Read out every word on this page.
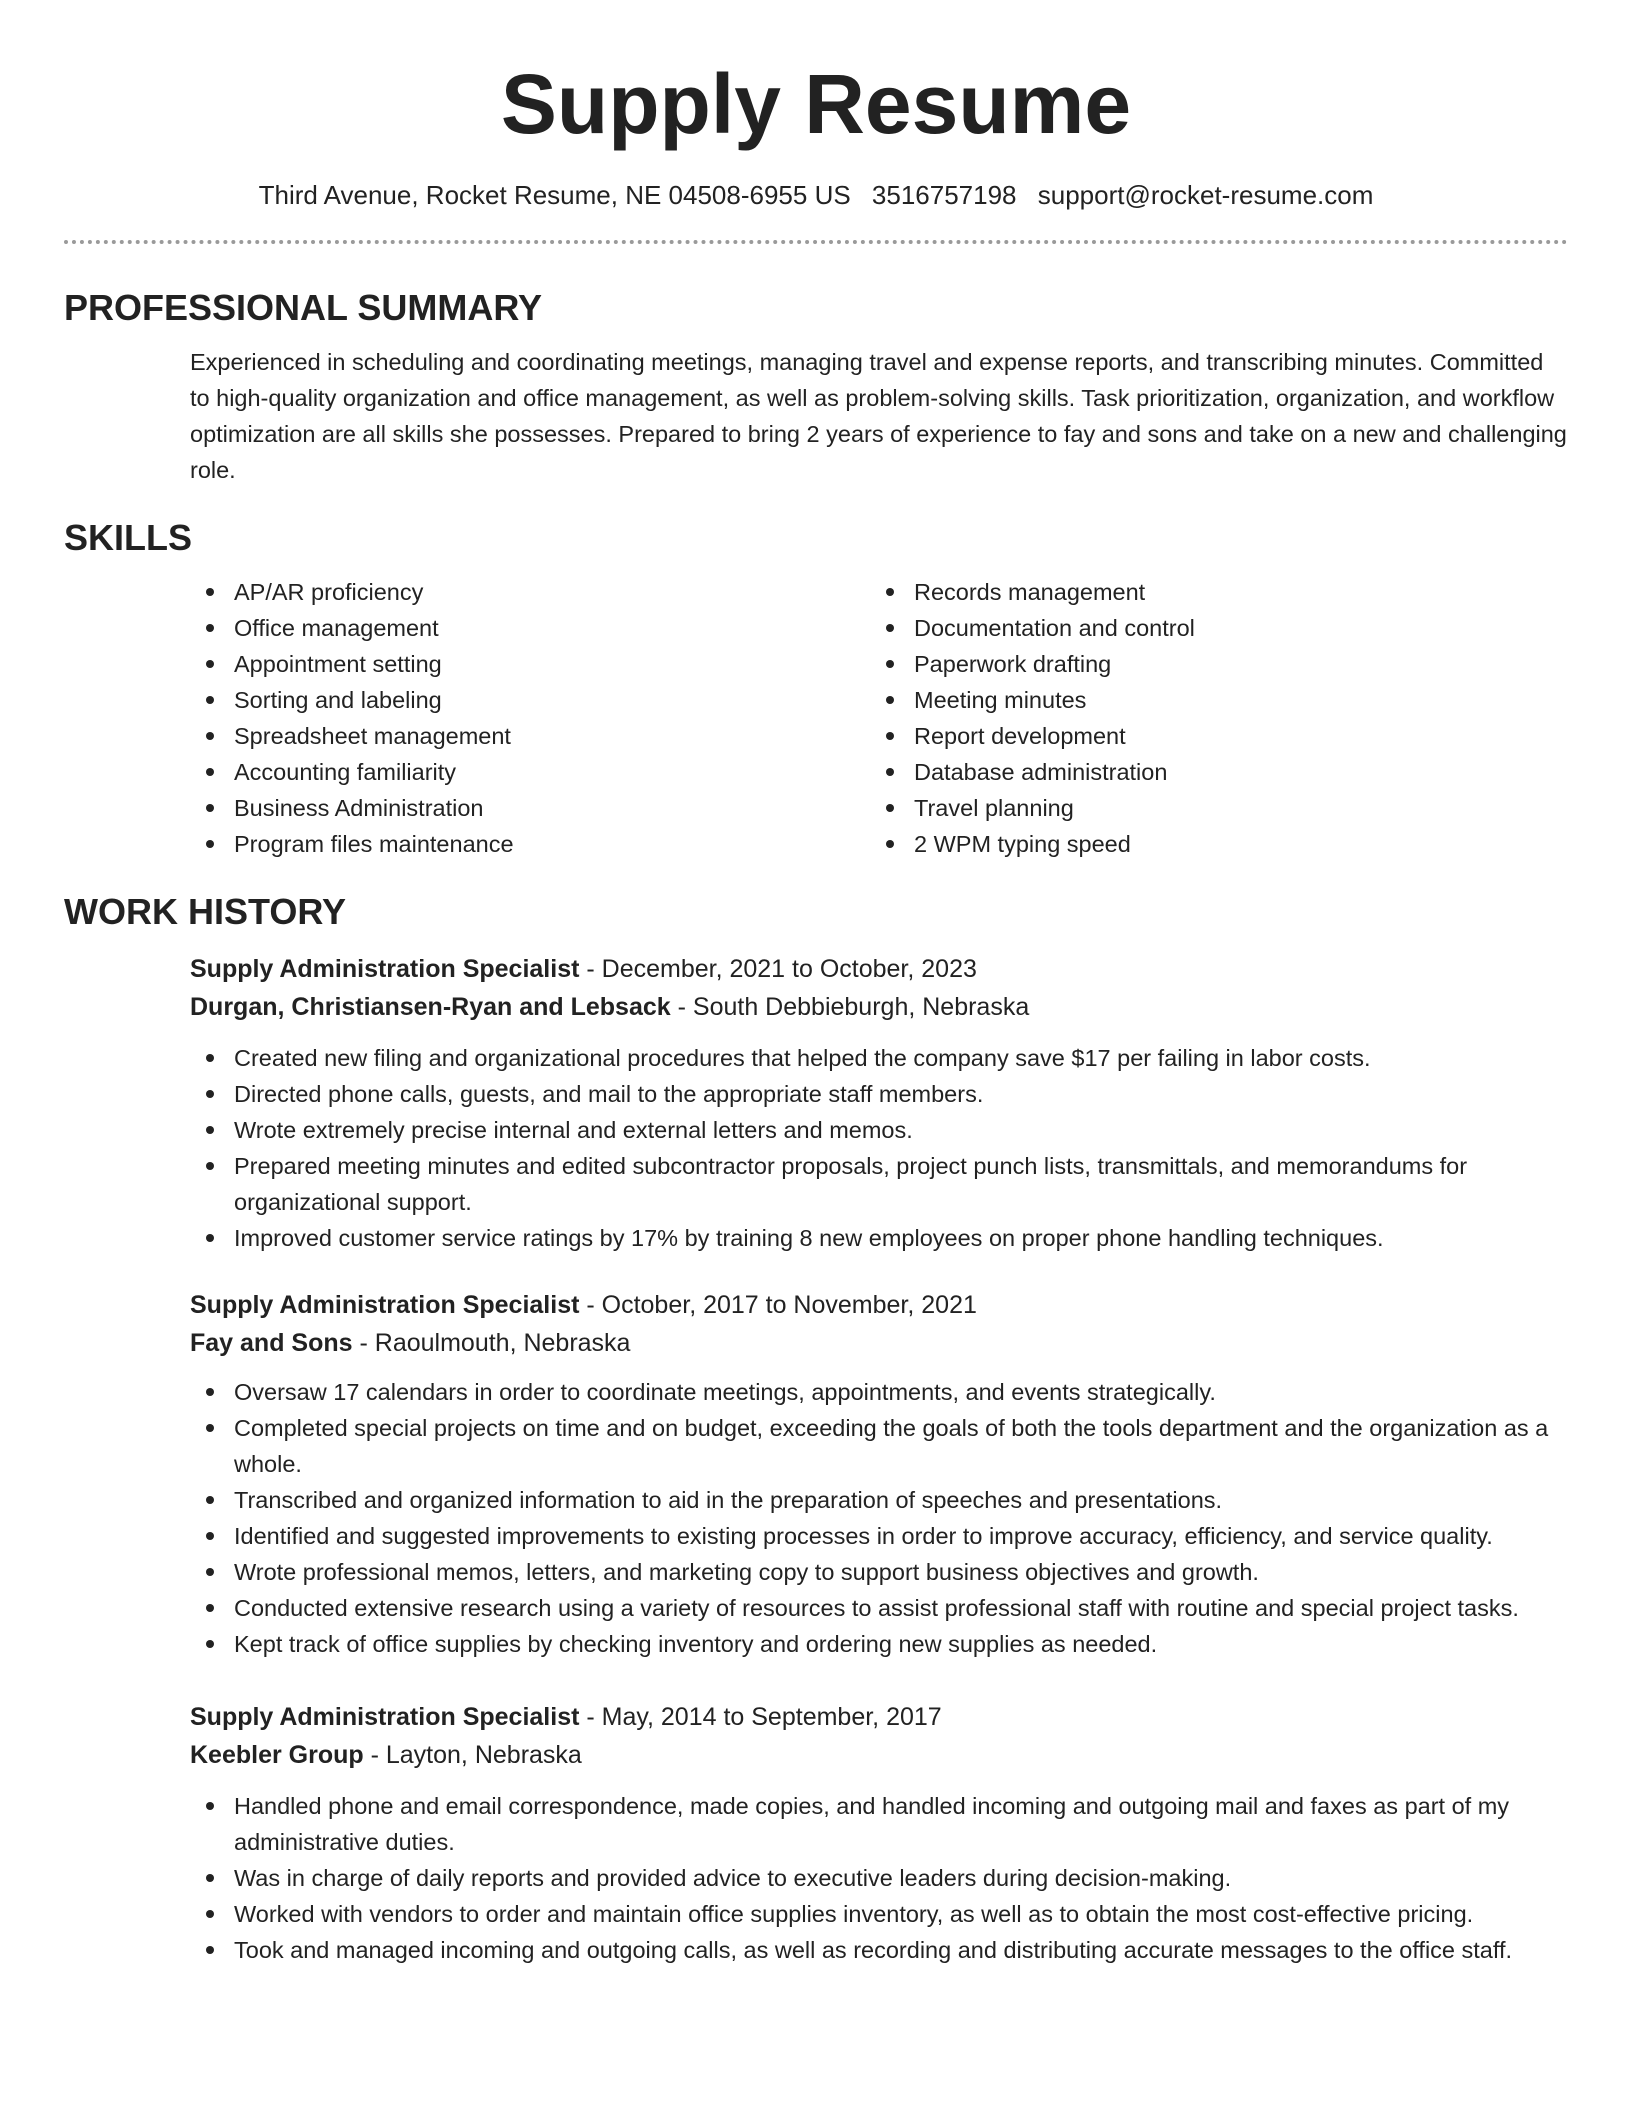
Supply Resume
Third Avenue, Rocket Resume, NE 04508-6955 US 3516757198 support@rocket-resume.com
PROFESSIONAL SUMMARY

Experienced in scheduling and coordinating meetings, managing travel and expense reports, and transcribing minutes. Committed to high-quality organization and office management, as well as problem-solving skills. Task prioritization, organization, and workflow optimization are all skills she possesses. Prepared to bring 2 years of experience to fay and sons and take on a new and challenging role.

SKILLS
AP/AR proficiency
Office management
Appointment setting
Sorting and labeling
Spreadsheet management
Accounting familiarity
Business Administration
Program files maintenance
Records management
Documentation and control
Paperwork drafting
Meeting minutes
Report development
Database administration
Travel planning
2 WPM typing speed
WORK HISTORY
Supply Administration Specialist - December, 2021 to October, 2023
Durgan, Christiansen-Ryan and Lebsack - South Debbieburgh, Nebraska
Created new filing and organizational procedures that helped the company save $17 per failing in labor costs.
Directed phone calls, guests, and mail to the appropriate staff members.
Wrote extremely precise internal and external letters and memos.
Prepared meeting minutes and edited subcontractor proposals, project punch lists, transmittals, and memorandums for organizational support.
Improved customer service ratings by 17% by training 8 new employees on proper phone handling techniques.
Supply Administration Specialist - October, 2017 to November, 2021
Fay and Sons - Raoulmouth, Nebraska
Oversaw 17 calendars in order to coordinate meetings, appointments, and events strategically.
Completed special projects on time and on budget, exceeding the goals of both the tools department and the organization as a whole.
Transcribed and organized information to aid in the preparation of speeches and presentations.
Identified and suggested improvements to existing processes in order to improve accuracy, efficiency, and service quality.
Wrote professional memos, letters, and marketing copy to support business objectives and growth.
Conducted extensive research using a variety of resources to assist professional staff with routine and special project tasks.
Kept track of office supplies by checking inventory and ordering new supplies as needed.
Supply Administration Specialist - May, 2014 to September, 2017
Keebler Group - Layton, Nebraska
Handled phone and email correspondence, made copies, and handled incoming and outgoing mail and faxes as part of my administrative duties.
Was in charge of daily reports and provided advice to executive leaders during decision-making.
Worked with vendors to order and maintain office supplies inventory, as well as to obtain the most cost-effective pricing.
Took and managed incoming and outgoing calls, as well as recording and distributing accurate messages to the office staff.
